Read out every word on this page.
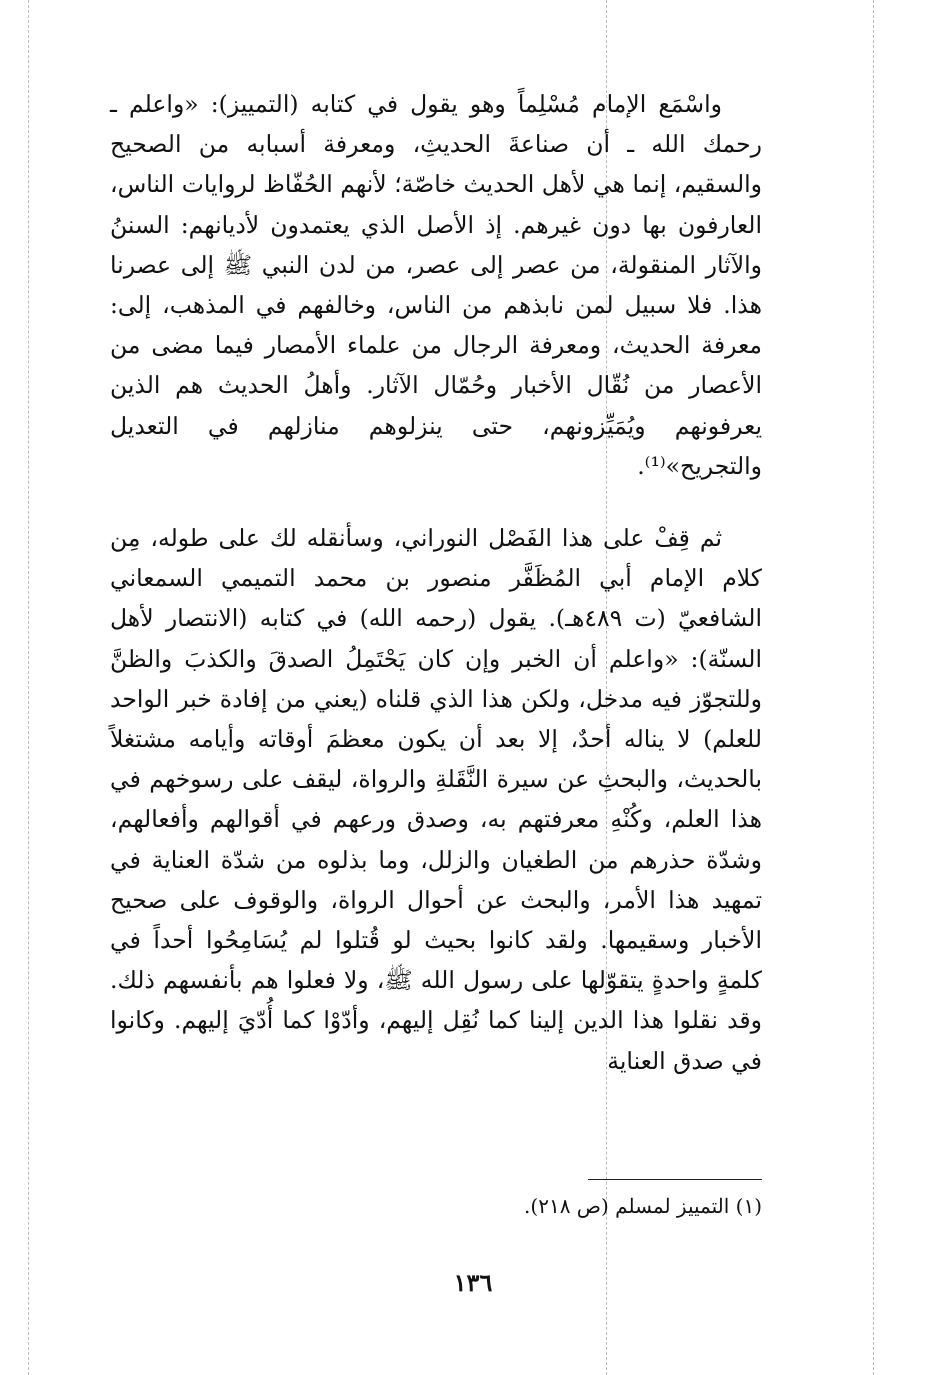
واسْمَع الإمام مُسْلِماً وهو يقول في كتابه (التمييز): «واعلم ـ رحمك الله ـ أن صناعةَ الحديثِ، ومعرفة أسبابه من الصحيح والسقيم، إنما هي لأهل الحديث خاصّة؛ لأنهم الحُفّاظ لروايات الناس، العارفون بها دون غيرهم. إذ الأصل الذي يعتمدون لأديانهم: السننُ والآثار المنقولة، من عصر إلى عصر، من لدن النبي ﷺ إلى عصرنا هذا. فلا سبيل لمن نابذهم من الناس، وخالفهم في المذهب، إلى: معرفة الحديث، ومعرفة الرجال من علماء الأمصار فيما مضى من الأعصار من نُقّال الأخبار وحُمّال الآثار. وأهلُ الحديث هم الذين يعرفونهم ويُمَيِّزونهم، حتى ينزلوهم منازلهم في التعديل والتجريح»⁽¹⁾.

ثم قِفْ على هذا الفَصْل النوراني، وسأنقله لك على طوله، مِن كلام الإمام أبي المُظَفَّر منصور بن محمد التميمي السمعاني الشافعيّ (ت ٤٨٩هـ). يقول (رحمه الله) في كتابه (الانتصار لأهل السنّة): «واعلم أن الخبر وإن كان يَحْتَمِلُ الصدقَ والكذبَ والظنَّ وللتجوّز فيه مدخل، ولكن هذا الذي قلناه (يعني من إفادة خبر الواحد للعلم) لا يناله أحدٌ، إلا بعد أن يكون معظمَ أوقاته وأيامه مشتغلاً بالحديث، والبحثِ عن سيرة النَّقَلةِ والرواة، ليقف على رسوخهم في هذا العلم، وكُنْهِ معرفتهم به، وصدق ورعهم في أقوالهم وأفعالهم، وشدّة حذرهم من الطغيان والزلل، وما بذلوه من شدّة العناية في تمهيد هذا الأمر، والبحث عن أحوال الرواة، والوقوف على صحيح الأخبار وسقيمها. ولقد كانوا بحيث لو قُتلوا لم يُسَامِحُوا أحداً في كلمةٍ واحدةٍ يتقوّلها على رسول الله ﷺ، ولا فعلوا هم بأنفسهم ذلك. وقد نقلوا هذا الدين إلينا كما نُقِل إليهم، وأدّوْا كما أُدّيَ إليهم. وكانوا في صدق العناية

(١) التمييز لمسلم (ص ٢١٨).
١٣٦
